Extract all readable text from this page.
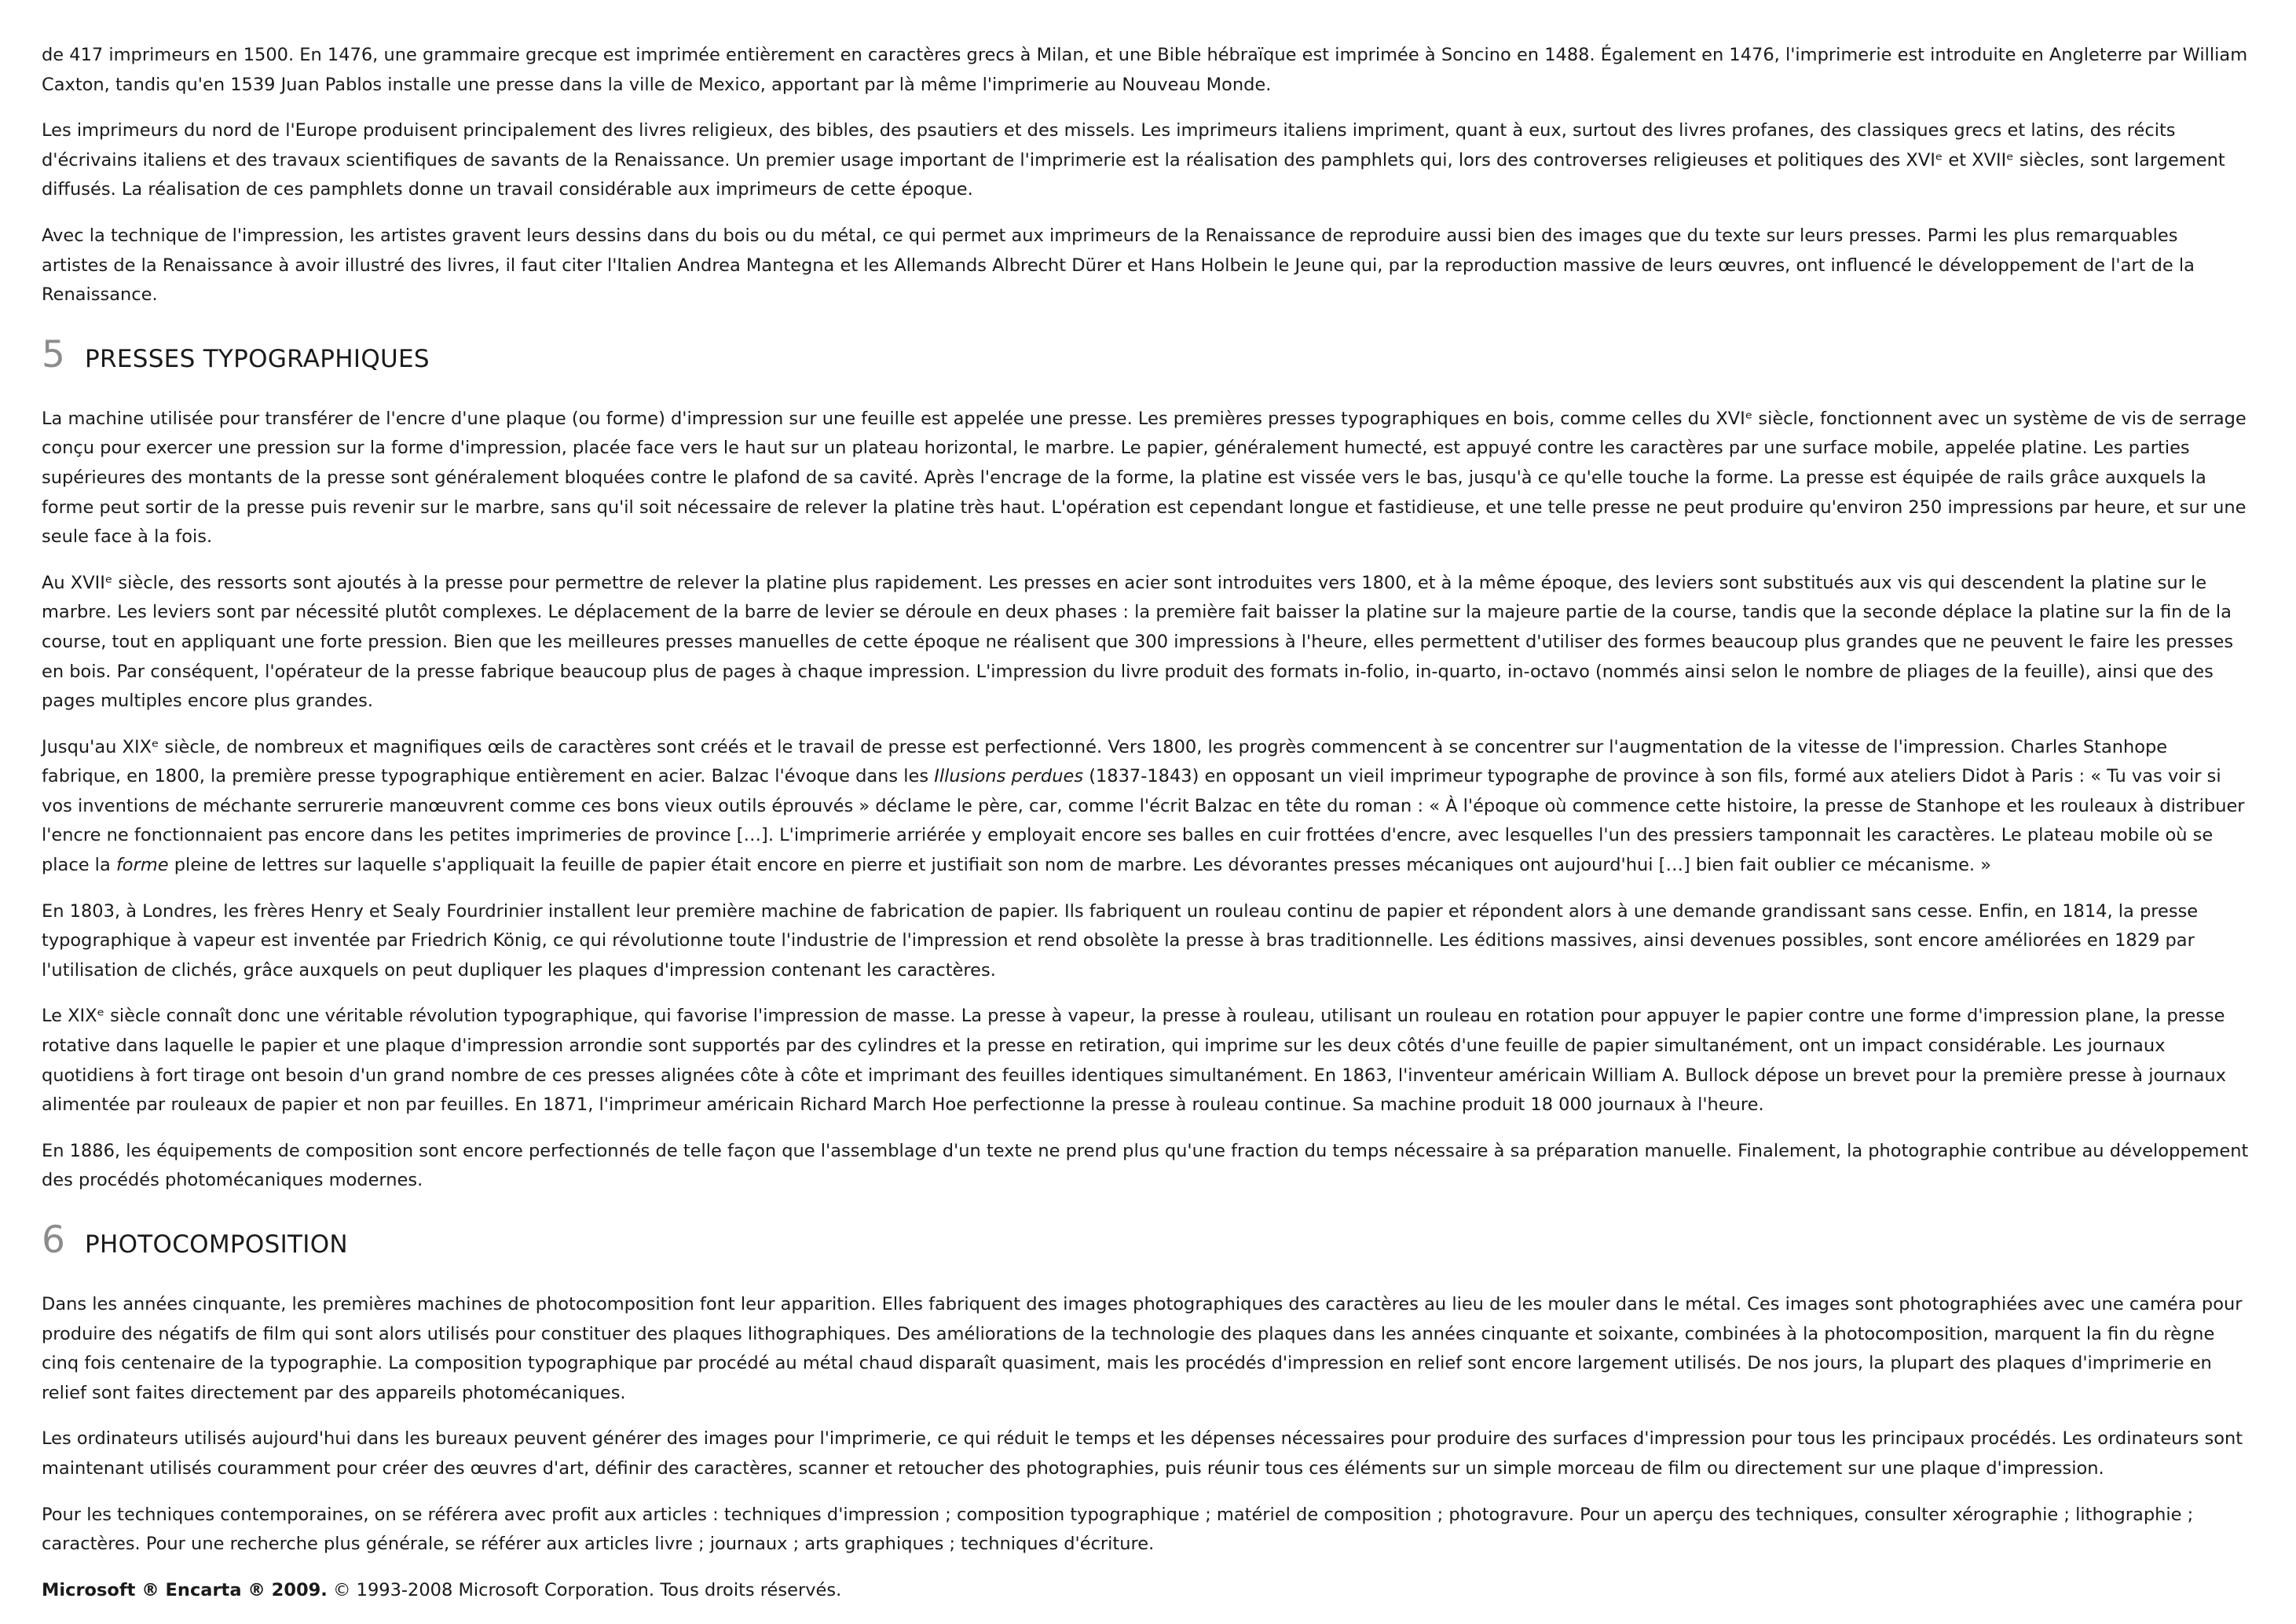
de 417 imprimeurs en 1500. En 1476, une grammaire grecque est imprimée entièrement en caractères grecs à Milan, et une Bible hébraïque est imprimée à Soncino en 1488. Également en 1476, l'imprimerie est introduite en Angleterre par William Caxton, tandis qu'en 1539 Juan Pablos installe une presse dans la ville de Mexico, apportant par là même l'imprimerie au Nouveau Monde.

Les imprimeurs du nord de l'Europe produisent principalement des livres religieux, des bibles, des psautiers et des missels. Les imprimeurs italiens impriment, quant à eux, surtout des livres profanes, des classiques grecs et latins, des récits d'écrivains italiens et des travaux scientifiques de savants de la Renaissance. Un premier usage important de l'imprimerie est la réalisation des pamphlets qui, lors des controverses religieuses et politiques des XVIᵉ et XVIIᵉ siècles, sont largement diffusés. La réalisation de ces pamphlets donne un travail considérable aux imprimeurs de cette époque.

Avec la technique de l'impression, les artistes gravent leurs dessins dans du bois ou du métal, ce qui permet aux imprimeurs de la Renaissance de reproduire aussi bien des images que du texte sur leurs presses. Parmi les plus remarquables artistes de la Renaissance à avoir illustré des livres, il faut citer l'Italien Andrea Mantegna et les Allemands Albrecht Dürer et Hans Holbein le Jeune qui, par la reproduction massive de leurs œuvres, ont influencé le développement de l'art de la Renaissance.

5 PRESSES TYPOGRAPHIQUES

La machine utilisée pour transférer de l'encre d'une plaque (ou forme) d'impression sur une feuille est appelée une presse. Les premières presses typographiques en bois, comme celles du XVIᵉ siècle, fonctionnent avec un système de vis de serrage conçu pour exercer une pression sur la forme d'impression, placée face vers le haut sur un plateau horizontal, le marbre. Le papier, généralement humecté, est appuyé contre les caractères par une surface mobile, appelée platine. Les parties supérieures des montants de la presse sont généralement bloquées contre le plafond de sa cavité. Après l'encrage de la forme, la platine est vissée vers le bas, jusqu'à ce qu'elle touche la forme. La presse est équipée de rails grâce auxquels la forme peut sortir de la presse puis revenir sur le marbre, sans qu'il soit nécessaire de relever la platine très haut. L'opération est cependant longue et fastidieuse, et une telle presse ne peut produire qu'environ 250 impressions par heure, et sur une seule face à la fois.

Au XVIIᵉ siècle, des ressorts sont ajoutés à la presse pour permettre de relever la platine plus rapidement. Les presses en acier sont introduites vers 1800, et à la même époque, des leviers sont substitués aux vis qui descendent la platine sur le marbre. Les leviers sont par nécessité plutôt complexes. Le déplacement de la barre de levier se déroule en deux phases : la première fait baisser la platine sur la majeure partie de la course, tandis que la seconde déplace la platine sur la fin de la course, tout en appliquant une forte pression. Bien que les meilleures presses manuelles de cette époque ne réalisent que 300 impressions à l'heure, elles permettent d'utiliser des formes beaucoup plus grandes que ne peuvent le faire les presses en bois. Par conséquent, l'opérateur de la presse fabrique beaucoup plus de pages à chaque impression. L'impression du livre produit des formats in-folio, in-quarto, in-octavo (nommés ainsi selon le nombre de pliages de la feuille), ainsi que des pages multiples encore plus grandes.

Jusqu'au XIXᵉ siècle, de nombreux et magnifiques œils de caractères sont créés et le travail de presse est perfectionné. Vers 1800, les progrès commencent à se concentrer sur l'augmentation de la vitesse de l'impression. Charles Stanhope fabrique, en 1800, la première presse typographique entièrement en acier. Balzac l'évoque dans les Illusions perdues (1837-1843) en opposant un vieil imprimeur typographe de province à son fils, formé aux ateliers Didot à Paris : « Tu vas voir si vos inventions de méchante serrurerie manœuvrent comme ces bons vieux outils éprouvés » déclame le père, car, comme l'écrit Balzac en tête du roman : « À l'époque où commence cette histoire, la presse de Stanhope et les rouleaux à distribuer l'encre ne fonctionnaient pas encore dans les petites imprimeries de province […]. L'imprimerie arriérée y employait encore ses balles en cuir frottées d'encre, avec lesquelles l'un des pressiers tamponnait les caractères. Le plateau mobile où se place la forme pleine de lettres sur laquelle s'appliquait la feuille de papier était encore en pierre et justifiait son nom de marbre. Les dévorantes presses mécaniques ont aujourd'hui […] bien fait oublier ce mécanisme. »

En 1803, à Londres, les frères Henry et Sealy Fourdrinier installent leur première machine de fabrication de papier. Ils fabriquent un rouleau continu de papier et répondent alors à une demande grandissant sans cesse. Enfin, en 1814, la presse typographique à vapeur est inventée par Friedrich König, ce qui révolutionne toute l'industrie de l'impression et rend obsolète la presse à bras traditionnelle. Les éditions massives, ainsi devenues possibles, sont encore améliorées en 1829 par l'utilisation de clichés, grâce auxquels on peut dupliquer les plaques d'impression contenant les caractères.

Le XIXᵉ siècle connaît donc une véritable révolution typographique, qui favorise l'impression de masse. La presse à vapeur, la presse à rouleau, utilisant un rouleau en rotation pour appuyer le papier contre une forme d'impression plane, la presse rotative dans laquelle le papier et une plaque d'impression arrondie sont supportés par des cylindres et la presse en retiration, qui imprime sur les deux côtés d'une feuille de papier simultanément, ont un impact considérable. Les journaux quotidiens à fort tirage ont besoin d'un grand nombre de ces presses alignées côte à côte et imprimant des feuilles identiques simultanément. En 1863, l'inventeur américain William A. Bullock dépose un brevet pour la première presse à journaux alimentée par rouleaux de papier et non par feuilles. En 1871, l'imprimeur américain Richard March Hoe perfectionne la presse à rouleau continue. Sa machine produit 18 000 journaux à l'heure.

En 1886, les équipements de composition sont encore perfectionnés de telle façon que l'assemblage d'un texte ne prend plus qu'une fraction du temps nécessaire à sa préparation manuelle. Finalement, la photographie contribue au développement des procédés photomécaniques modernes.

6 PHOTOCOMPOSITION

Dans les années cinquante, les premières machines de photocomposition font leur apparition. Elles fabriquent des images photographiques des caractères au lieu de les mouler dans le métal. Ces images sont photographiées avec une caméra pour produire des négatifs de film qui sont alors utilisés pour constituer des plaques lithographiques. Des améliorations de la technologie des plaques dans les années cinquante et soixante, combinées à la photocomposition, marquent la fin du règne cinq fois centenaire de la typographie. La composition typographique par procédé au métal chaud disparaît quasiment, mais les procédés d'impression en relief sont encore largement utilisés. De nos jours, la plupart des plaques d'imprimerie en relief sont faites directement par des appareils photomécaniques.

Les ordinateurs utilisés aujourd'hui dans les bureaux peuvent générer des images pour l'imprimerie, ce qui réduit le temps et les dépenses nécessaires pour produire des surfaces d'impression pour tous les principaux procédés. Les ordinateurs sont maintenant utilisés couramment pour créer des œuvres d'art, définir des caractères, scanner et retoucher des photographies, puis réunir tous ces éléments sur un simple morceau de film ou directement sur une plaque d'impression.

Pour les techniques contemporaines, on se référera avec profit aux articles : techniques d'impression ; composition typographique ; matériel de composition ; photogravure. Pour un aperçu des techniques, consulter xérographie ; lithographie ; caractères. Pour une recherche plus générale, se référer aux articles livre ; journaux ; arts graphiques ; techniques d'écriture.

Microsoft ® Encarta ® 2009. © 1993-2008 Microsoft Corporation. Tous droits réservés.
